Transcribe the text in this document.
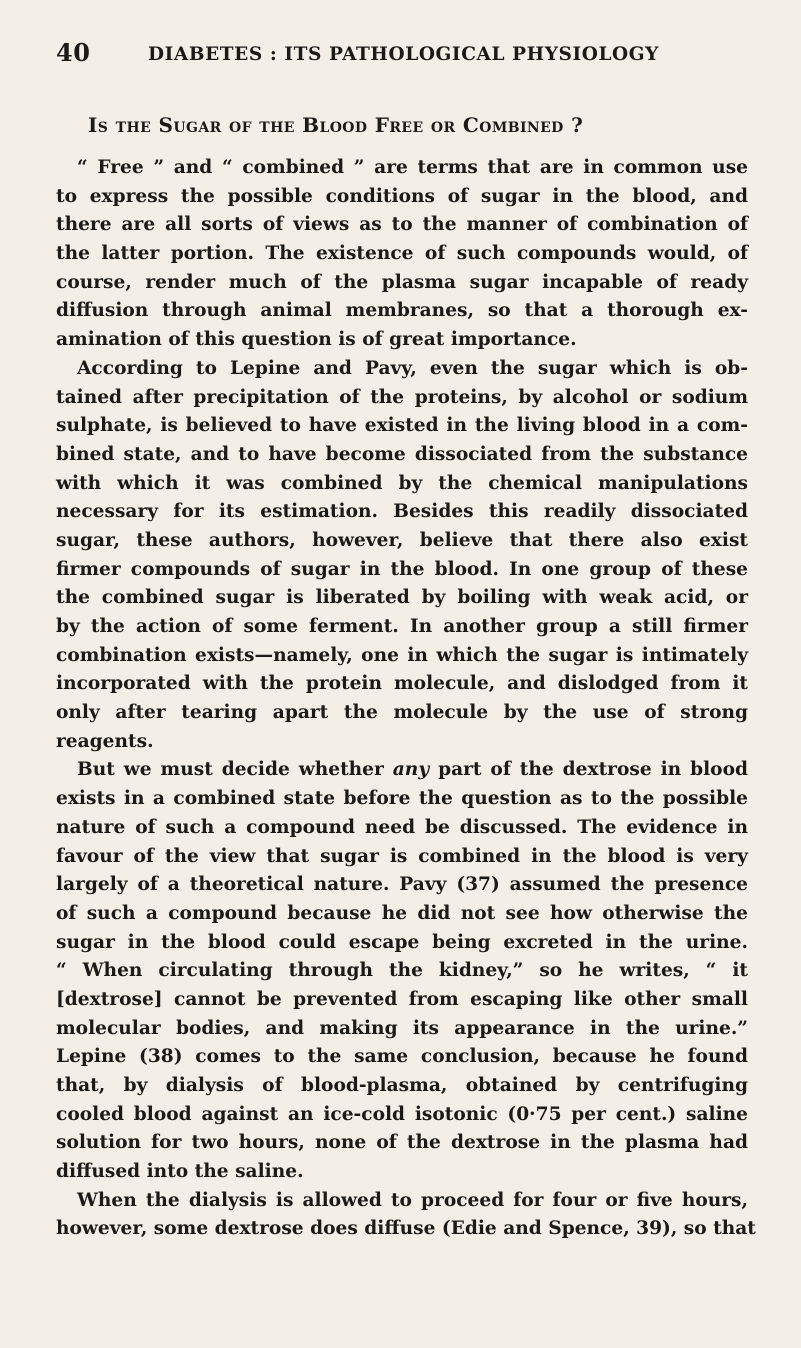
40	DIABETES : ITS PATHOLOGICAL PHYSIOLOGY
Is the Sugar of the Blood Free or Combined ?
“ Free ” and “ combined ” are terms that are in common use
to express the possible conditions of sugar in the blood, and
there are all sorts of views as to the manner of combination of
the latter portion. The existence of such compounds would, of
course, render much of the plasma sugar incapable of ready
diffusion through animal membranes, so that a thorough ex-
amination of this question is of great importance.
According to Lepine and Pavy, even the sugar which is ob-
tained after precipitation of the proteins, by alcohol or sodium
sulphate, is believed to have existed in the living blood in a com-
bined state, and to have become dissociated from the substance
with which it was combined by the chemical manipulations
necessary for its estimation. Besides this readily dissociated
sugar, these authors, however, believe that there also exist
firmer compounds of sugar in the blood. In one group of these
the combined sugar is liberated by boiling with weak acid, or
by the action of some ferment. In another group a still firmer
combination exists—namely, one in which the sugar is intimately
incorporated with the protein molecule, and dislodged from it
only after tearing apart the molecule by the use of strong
reagents.
But we must decide whether any part of the dextrose in blood
exists in a combined state before the question as to the possible
nature of such a compound need be discussed. The evidence in
favour of the view that sugar is combined in the blood is very
largely of a theoretical nature. Pavy (37) assumed the presence
of such a compound because he did not see how otherwise the
sugar in the blood could escape being excreted in the urine.
“ When circulating through the kidney,” so he writes, “ it
[dextrose] cannot be prevented from escaping like other small
molecular bodies, and making its appearance in the urine.”
Lepine (38) comes to the same conclusion, because he found
that, by dialysis of blood-plasma, obtained by centrifuging
cooled blood against an ice-cold isotonic (0·75 per cent.) saline
solution for two hours, none of the dextrose in the plasma had
diffused into the saline.
When the dialysis is allowed to proceed for four or five hours,
however, some dextrose does diffuse (Edie and Spence, 39), so that
